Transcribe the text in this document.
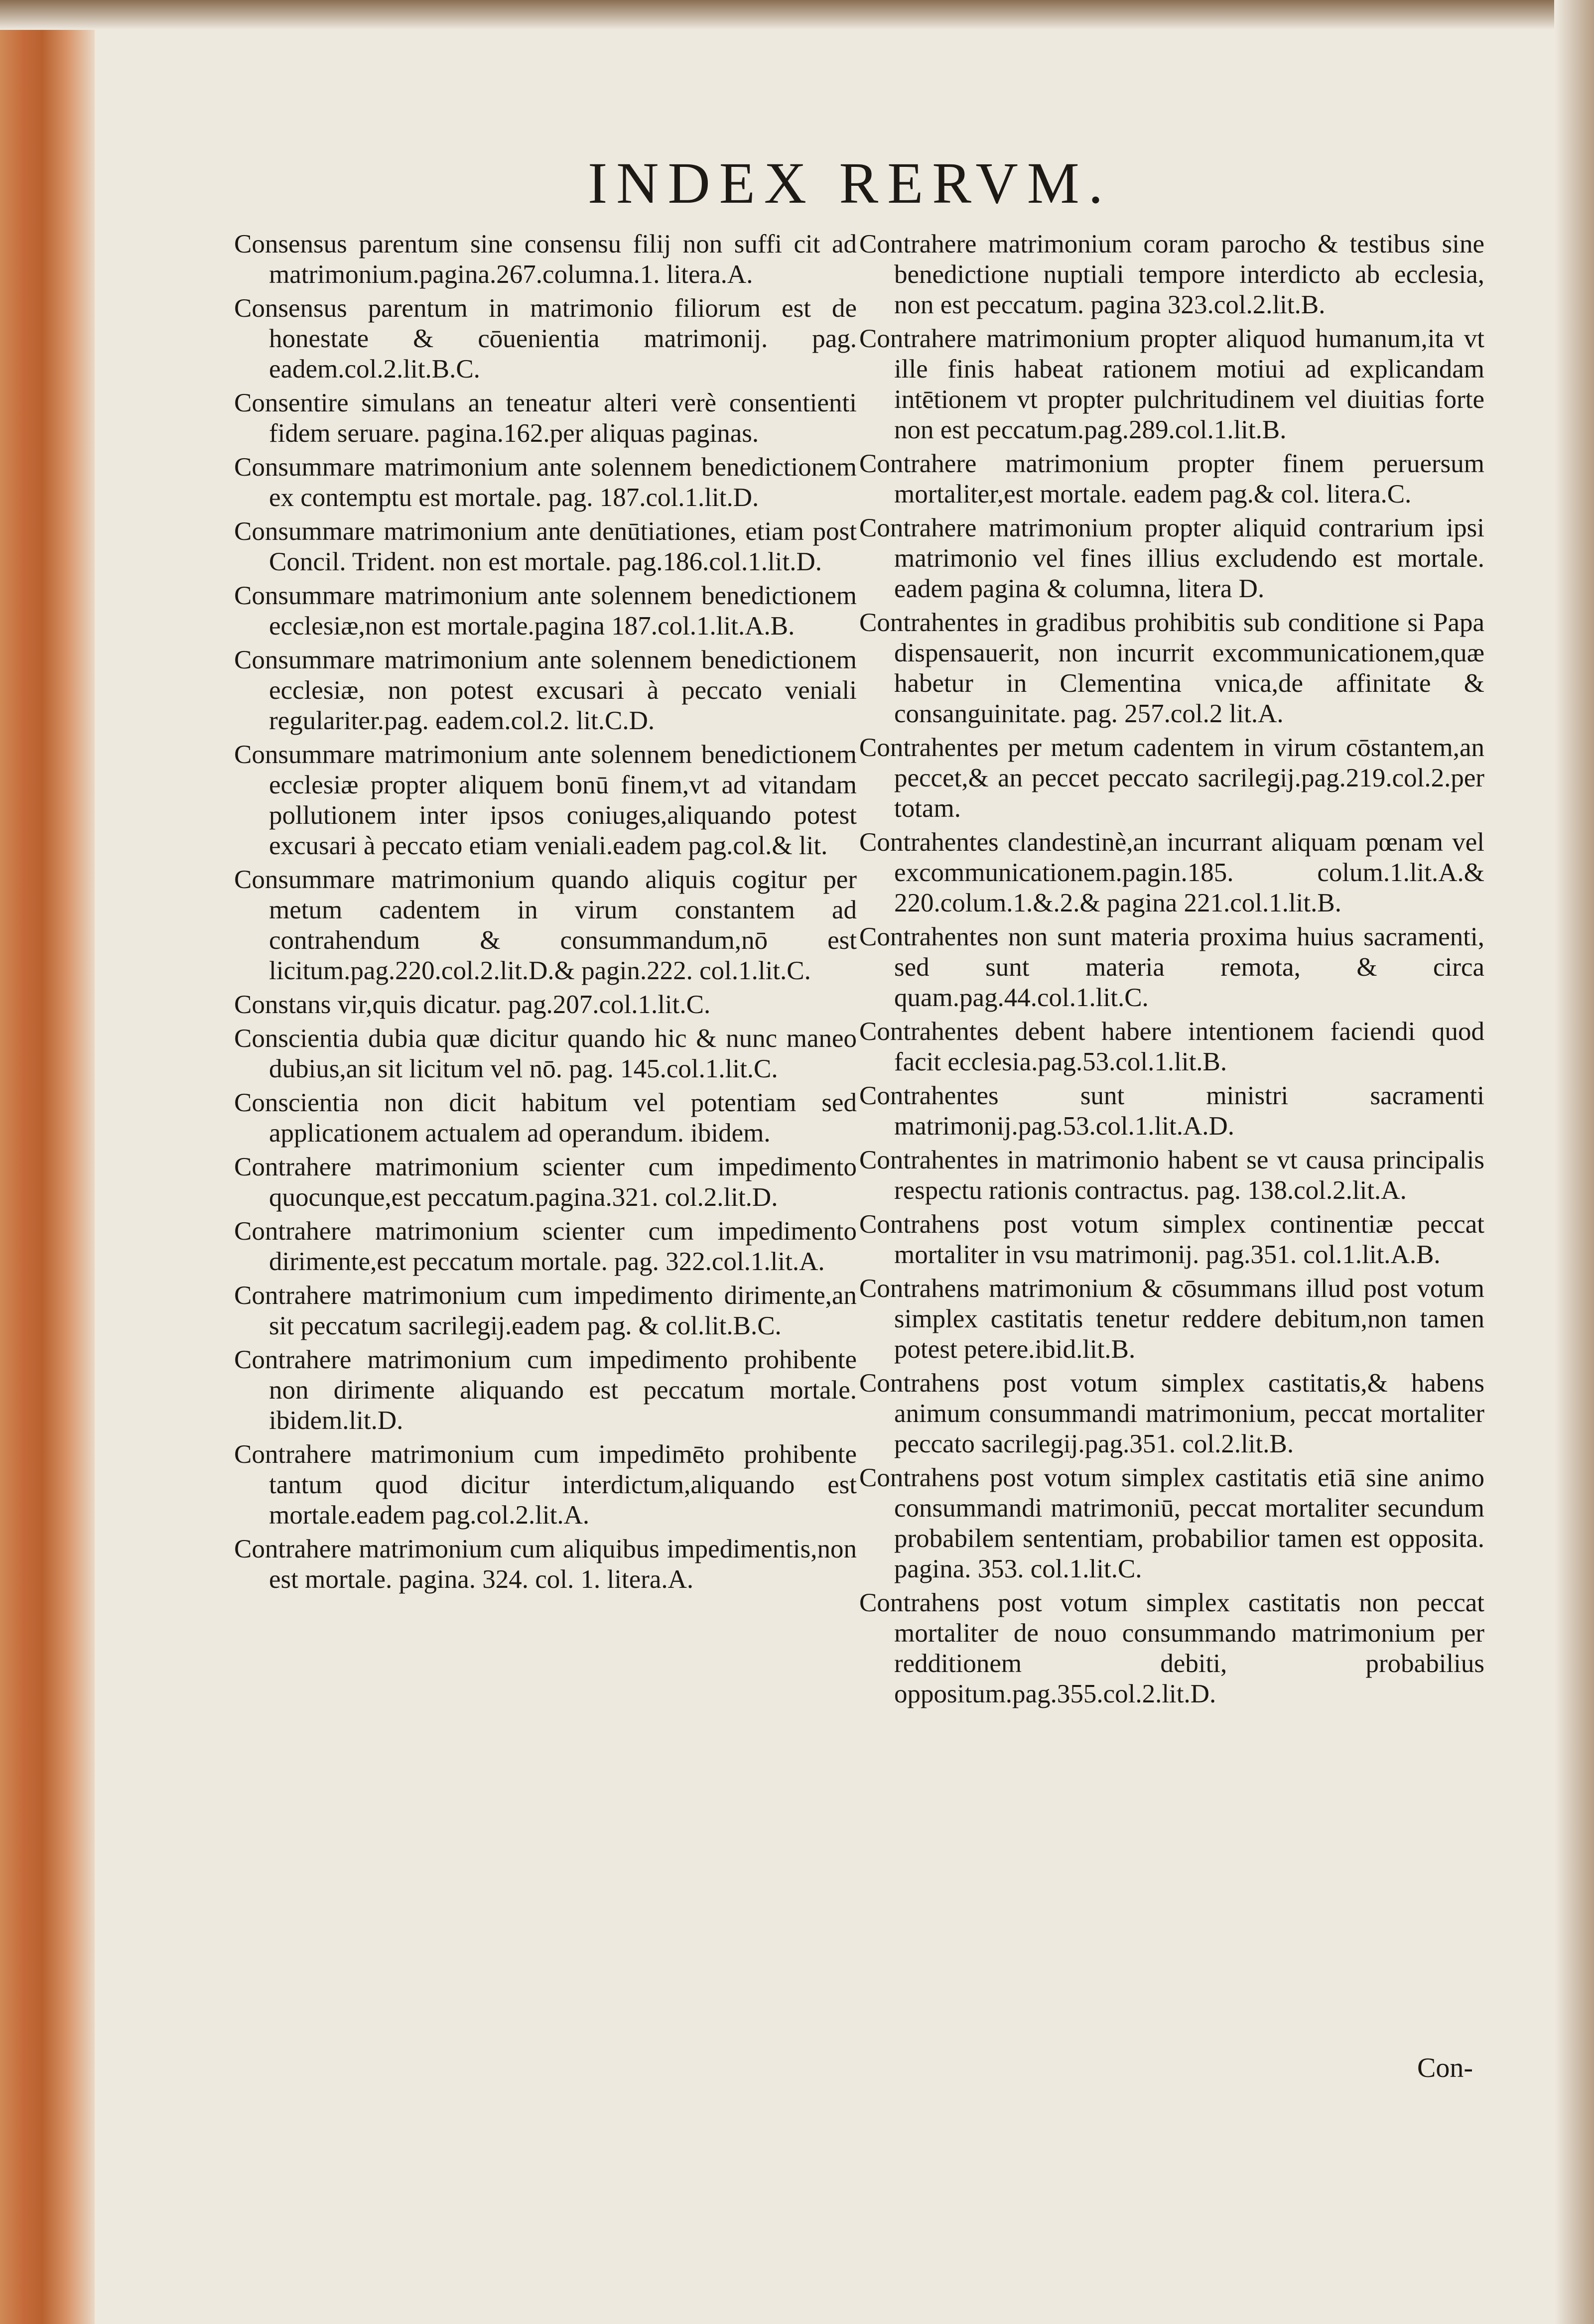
INDEX RERVM.

Consensus parentum sine consensu filij non suffi cit ad matrimonium.pagina.267.columna.1. litera.A.

Consensus parentum in matrimonio filiorum est de honestate & cōuenientia matrimonij. pag. eadem.col.2.lit.B.C.

Consentire simulans an teneatur alteri verè consentienti fidem seruare. pagina.162.per aliquas paginas.

Consummare matrimonium ante solennem benedictionem ex contemptu est mortale. pag. 187.col.1.lit.D.

Consummare matrimonium ante denūtiationes, etiam post Concil. Trident. non est mortale. pag.186.col.1.lit.D.

Consummare matrimonium ante solennem benedictionem ecclesiæ,non est mortale.pagina 187.col.1.lit.A.B.

Consummare matrimonium ante solennem benedictionem ecclesiæ, non potest excusari à peccato veniali regulariter.pag. eadem.col.2. lit.C.D.

Consummare matrimonium ante solennem benedictionem ecclesiæ propter aliquem bonū finem,vt ad vitandam pollutionem inter ipsos coniuges,aliquando potest excusari à peccato etiam veniali.eadem pag.col.& lit.

Consummare matrimonium quando aliquis cogitur per metum cadentem in virum constantem ad contrahendum & consummandum,nō est licitum.pag.220.col.2.lit.D.& pagin.222. col.1.lit.C.

Constans vir,quis dicatur. pag.207.col.1.lit.C.

Conscientia dubia quæ dicitur quando hic & nunc maneo dubius,an sit licitum vel nō. pag. 145.col.1.lit.C.

Conscientia non dicit habitum vel potentiam sed applicationem actualem ad operandum. ibidem.

Contrahere matrimonium scienter cum impedimento quocunque,est peccatum.pagina.321. col.2.lit.D.

Contrahere matrimonium scienter cum impedimento dirimente,est peccatum mortale. pag. 322.col.1.lit.A.

Contrahere matrimonium cum impedimento dirimente,an sit peccatum sacrilegij.eadem pag. & col.lit.B.C.

Contrahere matrimonium cum impedimento prohibente non dirimente aliquando est peccatum mortale. ibidem.lit.D.

Contrahere matrimonium cum impedimēto prohibente tantum quod dicitur interdictum,aliquando est mortale.eadem pag.col.2.lit.A.

Contrahere matrimonium cum aliquibus impedimentis,non est mortale. pagina. 324. col. 1. litera.A.

Contrahere matrimonium coram parocho & testibus sine benedictione nuptiali tempore interdicto ab ecclesia, non est peccatum. pagina 323.col.2.lit.B.

Contrahere matrimonium propter aliquod humanum,ita vt ille finis habeat rationem motiui ad explicandam intētionem vt propter pulchritudinem vel diuitias forte non est peccatum.pag.289.col.1.lit.B.

Contrahere matrimonium propter finem peruersum mortaliter,est mortale. eadem pag.& col. litera.C.

Contrahere matrimonium propter aliquid contrarium ipsi matrimonio vel fines illius excludendo est mortale. eadem pagina & columna, litera D.

Contrahentes in gradibus prohibitis sub conditione si Papa dispensauerit, non incurrit excommunicationem,quæ habetur in Clementina vnica,de affinitate & consanguinitate. pag. 257.col.2 lit.A.

Contrahentes per metum cadentem in virum cōstantem,an peccet,& an peccet peccato sacrilegij.pag.219.col.2.per totam.

Contrahentes clandestinè,an incurrant aliquam pœnam vel excommunicationem.pagin.185. colum.1.lit.A.& 220.colum.1.&.2.& pagina 221.col.1.lit.B.

Contrahentes non sunt materia proxima huius sacramenti, sed sunt materia remota, & circa quam.pag.44.col.1.lit.C.

Contrahentes debent habere intentionem faciendi quod facit ecclesia.pag.53.col.1.lit.B.

Contrahentes sunt ministri sacramenti matrimonij.pag.53.col.1.lit.A.D.

Contrahentes in matrimonio habent se vt causa principalis respectu rationis contractus. pag. 138.col.2.lit.A.

Contrahens post votum simplex continentiæ peccat mortaliter in vsu matrimonij. pag.351. col.1.lit.A.B.

Contrahens matrimonium & cōsummans illud post votum simplex castitatis tenetur reddere debitum,non tamen potest petere.ibid.lit.B.

Contrahens post votum simplex castitatis,& habens animum consummandi matrimonium, peccat mortaliter peccato sacrilegij.pag.351. col.2.lit.B.

Contrahens post votum simplex castitatis etiā sine animo consummandi matrimoniū, peccat mortaliter secundum probabilem sententiam, probabilior tamen est opposita. pagina. 353. col.1.lit.C.

Contrahens post votum simplex castitatis non peccat mortaliter de nouo consummando matrimonium per redditionem debiti, probabilius oppositum.pag.355.col.2.lit.D.

Con-
